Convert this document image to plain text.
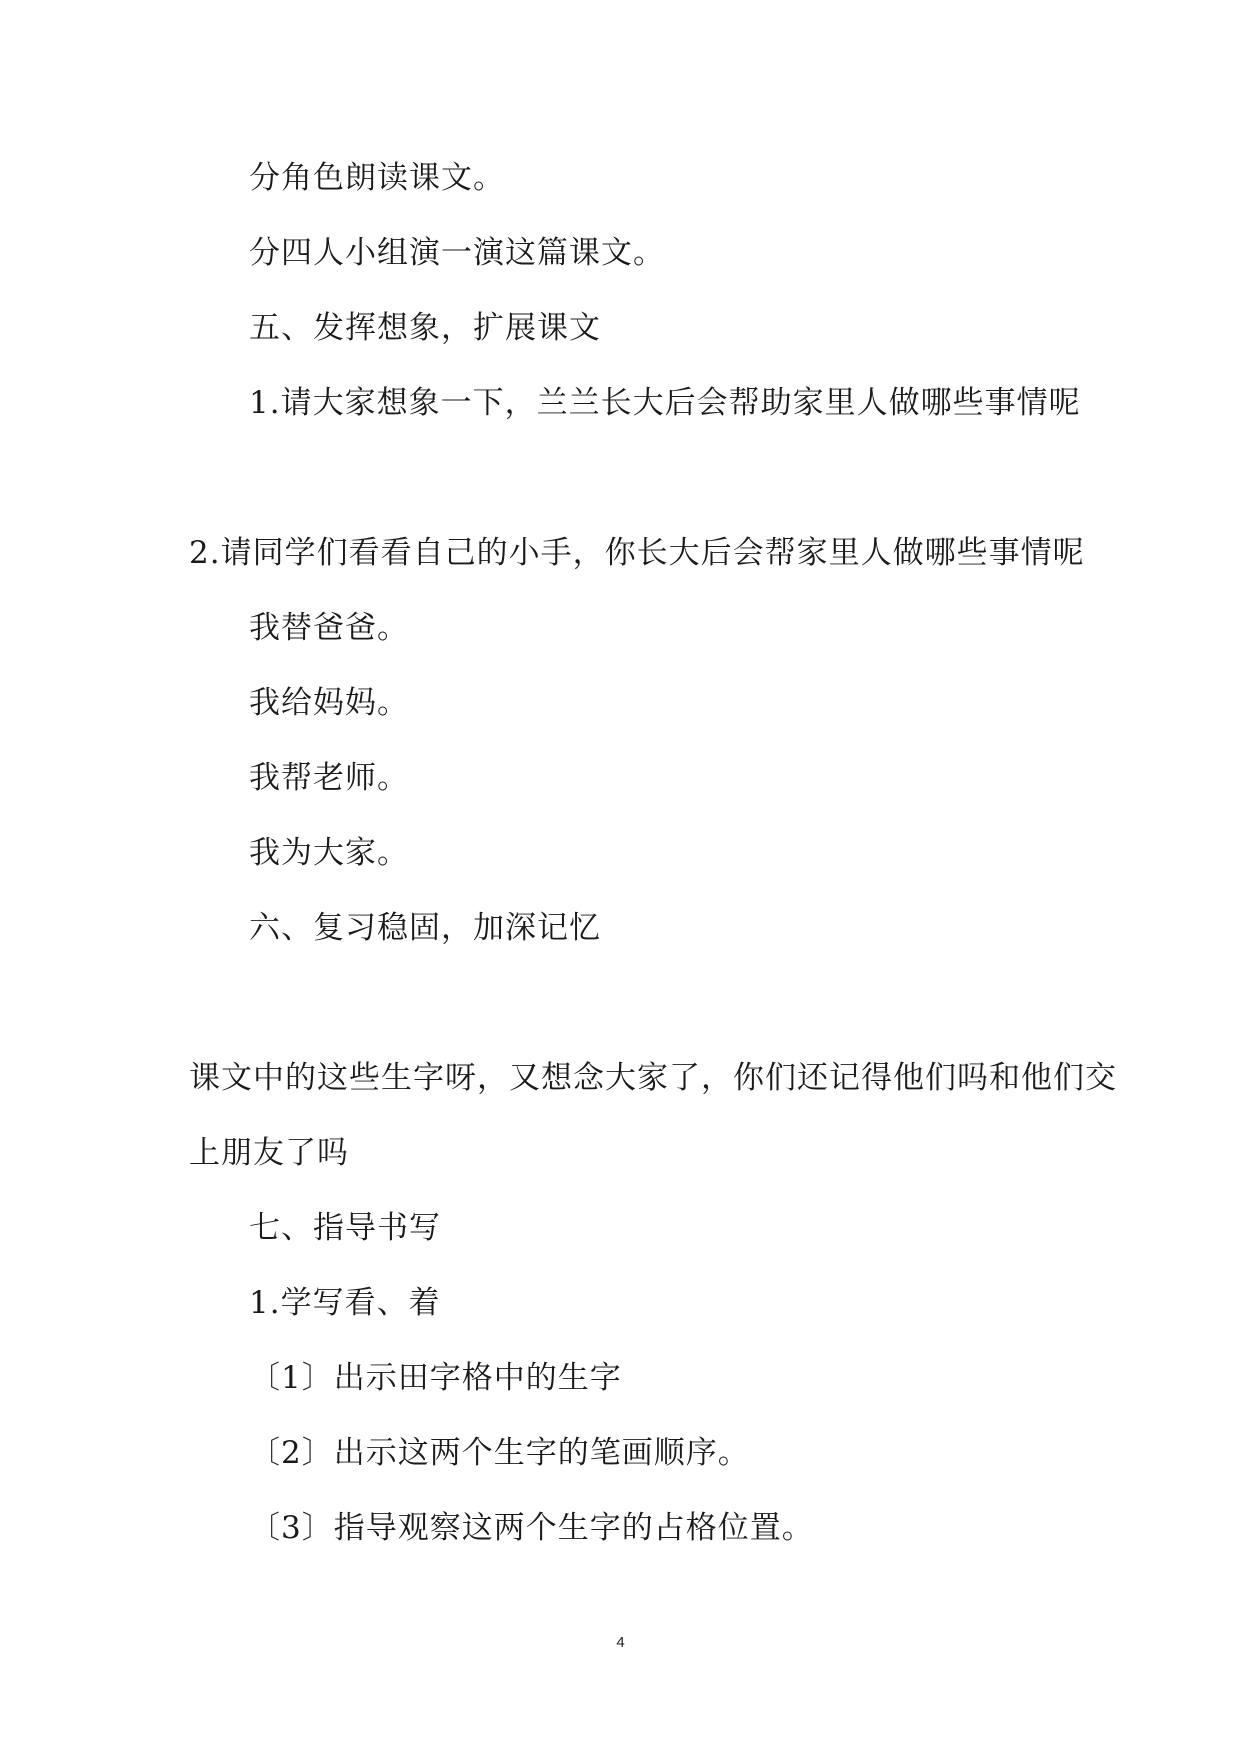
分角色朗读课文。

分四人小组演一演这篇课文。

五、发挥想象，扩展课文

1.请大家想象一下，兰兰长大后会帮助家里人做哪些事情呢

2.请同学们看看自己的小手，你长大后会帮家里人做哪些事情呢

我替爸爸。

我给妈妈。

我帮老师。

我为大家。

六、复习稳固，加深记忆

课文中的这些生字呀，又想念大家了，你们还记得他们吗和他们交

上朋友了吗

七、指导书写

1.学写看、着

〔1〕出示田字格中的生字

〔2〕出示这两个生字的笔画顺序。

〔3〕指导观察这两个生字的占格位置。

4
